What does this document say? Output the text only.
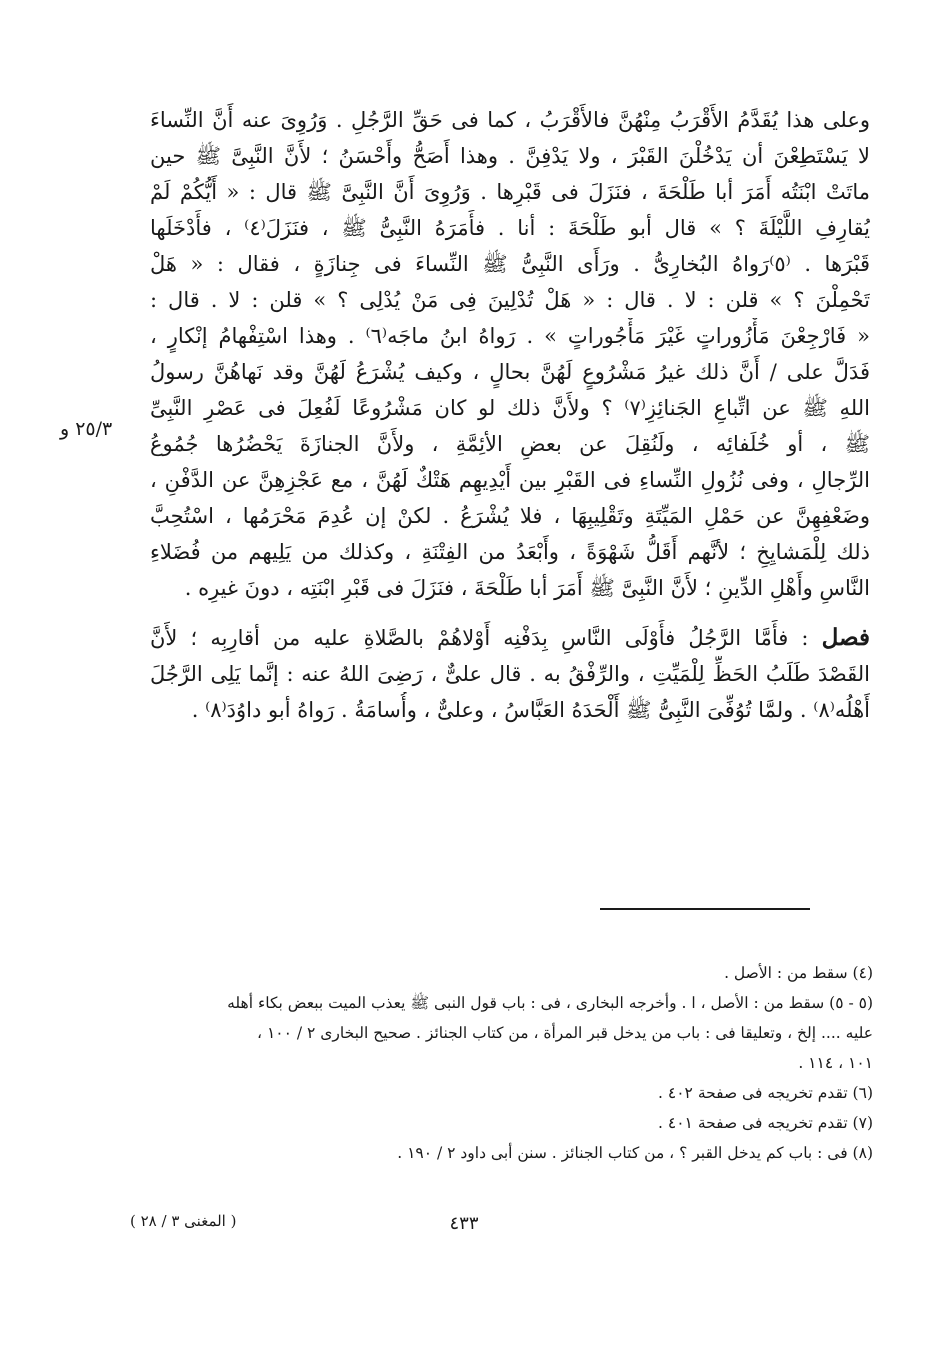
وعلى هذا يُقَدَّمُ الأَقْرَبُ مِنْهُنَّ فالأَقْرَبُ ، كما فى حَقِّ الرَّجُلِ . وَرُوِىَ عنه أَنَّ النِّساءَ
لا يَسْتَطِعْنَ أن يَدْخُلْنَ القَبْرَ ، ولا يَدْفِنَّ . وهذا أَصَحُّ وأَحْسَنُ ؛ لأَنَّ النَّبِىَّ ﷺ حين
ماتَتْ ابْنَتُه أَمَرَ أبا طَلْحَةَ ، فنَزَلَ فى قَبْرِها . وَرُوِىَ أَنَّ النَّبِىَّ ﷺ قال : « أَيُّكُمْ لَمْ
يُقارِفِ اللَّيْلَةَ ؟ » قال أبو طَلْحَةَ : أنا . فأَمَرَهُ النَّبِىُّ ﷺ ، فنَزَلَ⁽٤⁾ ، فأَدْخَلَها
قَبْرَها . ⁽٥⁾رَواهُ البُخارِىُّ . ورَأَى النَّبِىُّ ﷺ النِّساءَ فى جِنازَةٍ ، فقال : « هَلْ
تَحْمِلْنَ ؟ » قلن : لا . قال : « هَلْ تُدْلِينَ فِى مَنْ يُدْلِى ؟ » قلن : لا . قال :
« فَارْجِعْنَ مَأْزُوراتٍ غَيْرَ مَأْجُوراتٍ » . رَواهُ ابنُ ماجَه⁽٦⁾ . وهذا اسْتِفْهامُ إنْكارٍ ،
فَدَلَّ على / أَنَّ ذلك غيرُ مَشْرُوعٍ لَهُنَّ بحالٍ ، وكيف يُشْرَعُ لَهُنَّ وقد نَهاهُنَّ رسولُ
اللهِ ﷺ عن اتِّباعِ الجَنائِزِ⁽٧⁾ ؟ ولأَنَّ ذلك لو كان مَشْرُوعًا لَفُعِلَ فى عَصْرِ النَّبِىِّ
ﷺ ، أو خُلَفائِه ، ولَنُقِلَ عن بعضِ الأئِمَّةِ ، ولأَنَّ الجنازَةَ يَحْضُرُها جُمُوعُ
الرِّجالِ ، وفى نُزُولِ النِّساءِ فى القَبْرِ بين أَيْدِيهِم هَتْكٌ لَهُنَّ ، مع عَجْزِهِنَّ عن الدَّفْنِ ،
وضَعْفِهِنَّ عن حَمْلِ المَيِّتَةِ وتَقْلِيبِهَا ، فلا يُشْرَعُ . لكنْ إن عُدِمَ مَحْرَمُها ، اسْتُحِبَّ
ذلك لِلْمَشايِخِ ؛ لأنَّهم أَقَلُّ شَهْوَةً ، وأَبْعَدُ من الفِتْنَةِ ، وكذلك من يَلِيهم من فُضَلاءِ
النَّاسِ وأَهْلِ الدِّينِ ؛ لأَنَّ النَّبِىَّ ﷺ أَمَرَ أبا طَلْحَةَ ، فنَزَلَ فى قَبْرِ ابْنَتِه ، دونَ غيرِه .
فصل : فأَمَّا الرَّجُلُ فأَوْلَى النَّاسِ بِدَفْنِه أَوْلاهُمْ بالصَّلاةِ عليه من أقارِبِه ؛ لأَنَّ
القَصْدَ طَلَبُ الحَظِّ لِلْمَيِّتِ ، والرِّفْقُ به . قال علىٌّ ، رَضِىَ اللهُ عنه : إنَّما يَلِى الرَّجُلَ
أَهْلُه⁽٨⁾ . ولمَّا تُوُفِّىَ النَّبِىُّ ﷺ أَلْحَدَهُ العَبَّاسُ ، وعلىٌّ ، وأُسامَةُ . رَواهُ أبو داوُدَ⁽٨⁾ .
٢٥/٣ و
(٤) سقط من : الأصل .
(٥ - ٥) سقط من : الأصل ، ا . وأخرجه البخارى ، فى : باب قول النبى ﷺ يعذب الميت ببعض بكاء أهله
عليه .... إلخ ، وتعليقا فى : باب من يدخل قبر المرأة ، من كتاب الجنائز . صحيح البخارى ٢ / ١٠٠ ،
١٠١ ، ١١٤ .
(٦) تقدم تخريجه فى صفحة ٤٠٢ .
(٧) تقدم تخريجه فى صفحة ٤٠١ .
(٨) فى : باب كم يدخل القبر ؟ ، من كتاب الجنائز . سنن أبى داود ٢ / ١٩٠ .
٤٣٣
( المغنى ٣ / ٢٨ )
